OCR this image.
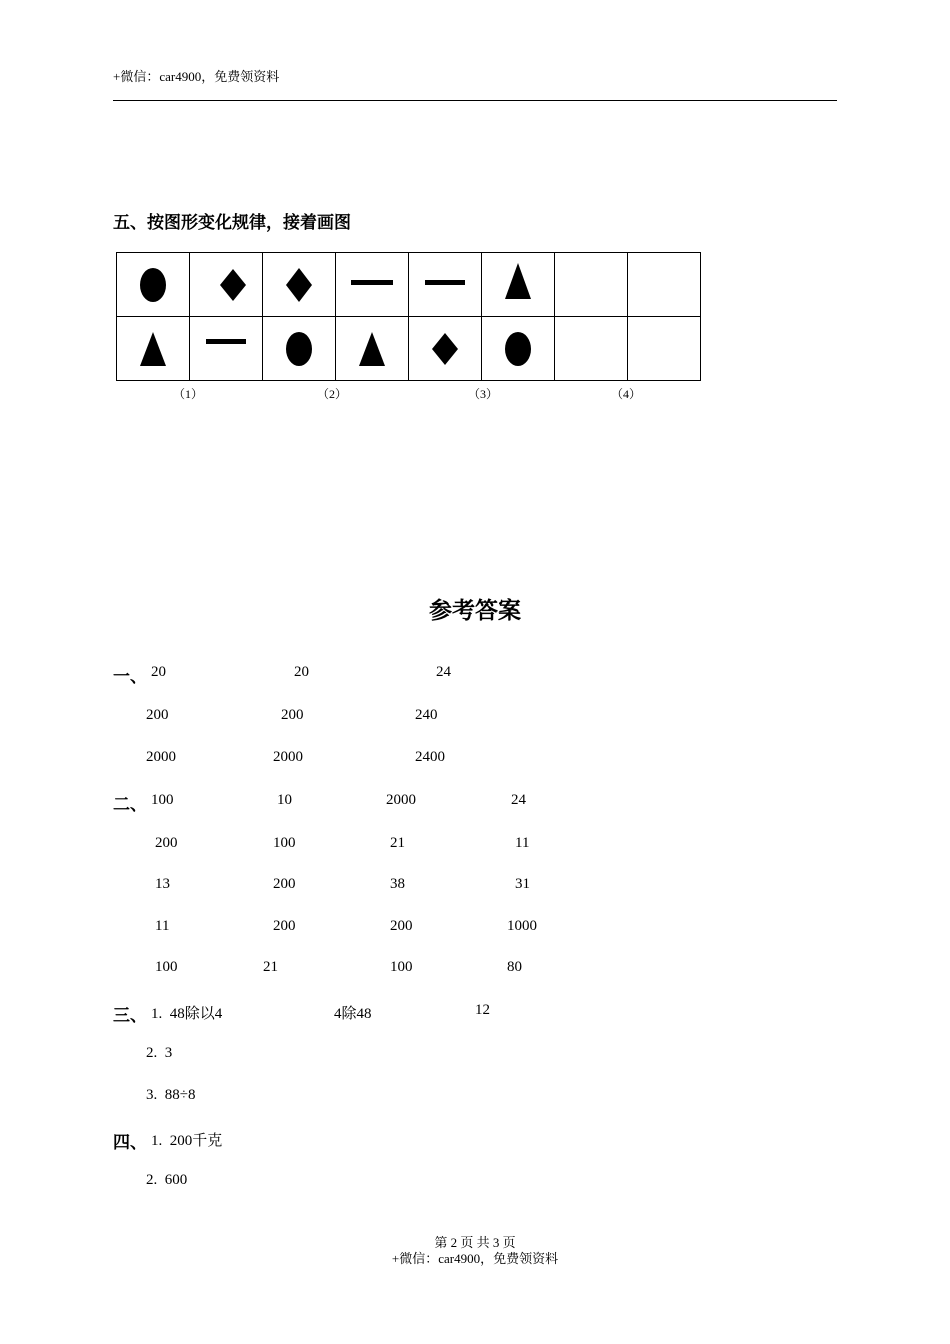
+微信：car4900，免费领资料
五、按图形变化规律，接着画图

（1）	（2）	（3）	（4）
参考答案
一、 20	20	24
200	200	240
2000	2000	2400
二、 100	10	2000	24
200	100	21	11
13	200	38	31
11	200	200	1000
100	21	100	80
三、 1.  48除以4	4除48	12
2.  3
3.  88÷8
四、 1.  200千克
2.  600
第 2 页 共 3 页
+微信：car4900，免费领资料
